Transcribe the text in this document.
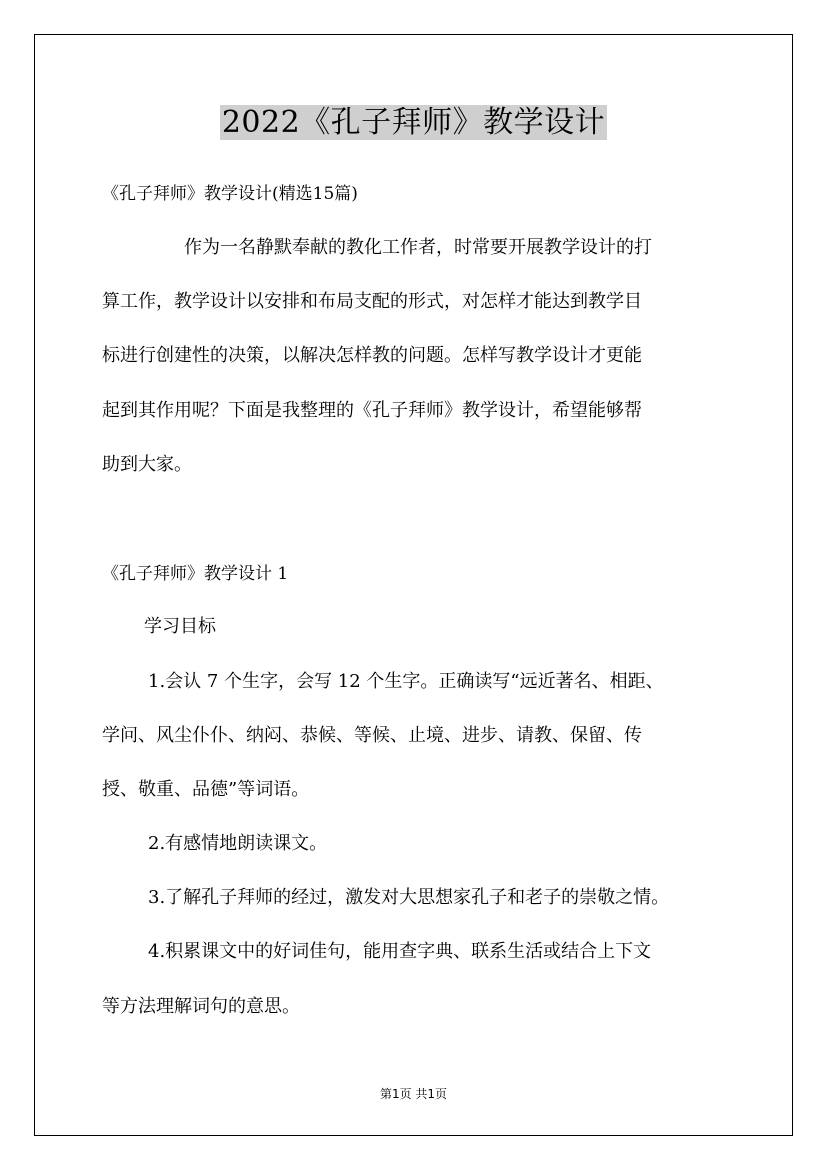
2022《孔子拜师》教学设计
《孔子拜师》教学设计(精选15篇)
作为一名静默奉献的教化工作者，时常要开展教学设计的打
算工作，教学设计以安排和布局支配的形式，对怎样才能达到教学目
标进行创建性的决策，以解决怎样教的问题。怎样写教学设计才更能
起到其作用呢？下面是我整理的《孔子拜师》教学设计，希望能够帮
助到大家。
《孔子拜师》教学设计 1
学习目标
1.会认 7 个生字，会写 12 个生字。正确读写“远近著名、相距、
学问、风尘仆仆、纳闷、恭候、等候、止境、进步、请教、保留、传
授、敬重、品德”等词语。
2.有感情地朗读课文。
3.了解孔子拜师的经过，激发对大思想家孔子和老子的崇敬之情。
4.积累课文中的好词佳句，能用查字典、联系生活或结合上下文
等方法理解词句的意思。
第1页 共1页
